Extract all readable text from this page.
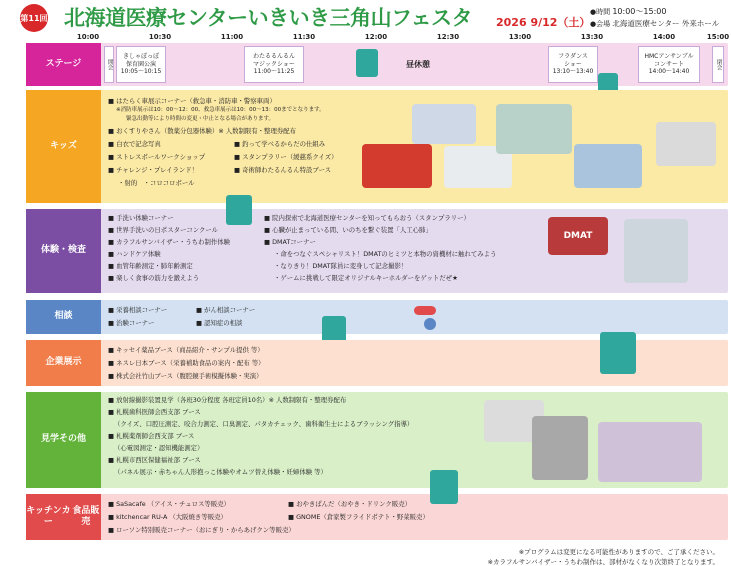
第11回 北海道医療センターいきいき三角山フェスタ 2026 9/12（土）
●時間 10:00〜15:00
●会場 北海道医療センター 外来ホール
10:00	10:30	11:00	11:30	12:00	12:30	13:00	13:30	14:00	15:00
ステージ	開会
きしゃぽっぽ
保育園公演
10:05〜10:15
わたるるんるん
マジックショー
11:00〜11:25
昼休憩
フラダンス
ショー
13:10〜13:40
HMCアンサンブル
コンサート
14:00〜14:40
閉会
キッズ
■ はたらく車展示コーナー（救急車・消防車・警察車両）
※消防車展示は10：00〜12：00、救急車展示は10：00〜13：00までとなります。
緊急出動等により時間の変更・中止となる場合があります。
■ おくすりやさん（散薬分包器体験）※ 人数制限有・整理券配布
■ 白衣で記念写真
■ ストレスボールワークショップ
■ チャレンジ・プレイランド！
・射的　・コロコロボール
■ 釣って学べるからだの仕組み
■ スタンプラリー（緩慈系クイズ）
■ 奇術師わたるんるん特設ブース
体験・検査
■ 手洗い体験コーナー
■ 世界手洗いの日ポスターコンクール
■ カラフルサンバイザー・うちわ制作体験
■ ハンドケア体験
■ 血管年齢測定・肺年齢測定
■ 楽しく食事の筋力を鍛えよう
■ 院内探索で北海道医療センターを知ってもらおう（スタンプラリー）
■ 心臓が止まっている間、いのちを繋ぐ装置「人工心肺」
■ DMATコーナー
・命をつなぐスペシャリスト！DMATのヒミツと本物の資機材に触れてみよう
・なりきり！DMAT隊員に変身して記念撮影！
・ゲームに挑戦して限定オリジナルキーホルダーをゲットだぜ★
DMAT
相談
■ 栄養相談コーナー
■ 治験コーナー
■ がん相談コーナー
■ 認知症の相談
企業展示
■ キッセイ薬品ブース（商品紹介・サンプル提供 等）
■ ネスレ日本ブース（栄養補助食品の案内・配布 等）
■ 株式会社竹山ブース（腹腔鏡手術模擬体験・実演）
見学 その他
■ 放射線撮影装置見学（各班30分程度 各班定員10名）※ 人数制限有・整理券配布
■ 札幌歯科医師会西支部 ブース
（クイズ、口腔圧測定、咬合力測定、口臭測定、パタカチェック、歯科衛生士によるブラッシング指導）
■ 札幌薬剤師会西支部 ブース
（心電図測定・認知機能測定）
■ 札幌市西区保健福祉部 ブース
（パネル展示・赤ちゃん人形抱っこ体験やオムツ替え体験・妊婦体験 等）
キッチンカー

食品販売
■ SaSacafe （アイス・チュロス等販売）
■ kitchencar RU-A （大阪焼き等販売）
■ ローソン特別販売コーナー（おにぎり・からあげクン等販売）
■ おやきぱんだ（おやき・ドリンク販売）
■ GNOME（倉家製フライドポテト・野菜販売）
※プログラムは変更になる可能性がありますので、ご了承ください。
※カラフルサンバイザー・うちわ制作は、部材がなくなり次第終了となります。
